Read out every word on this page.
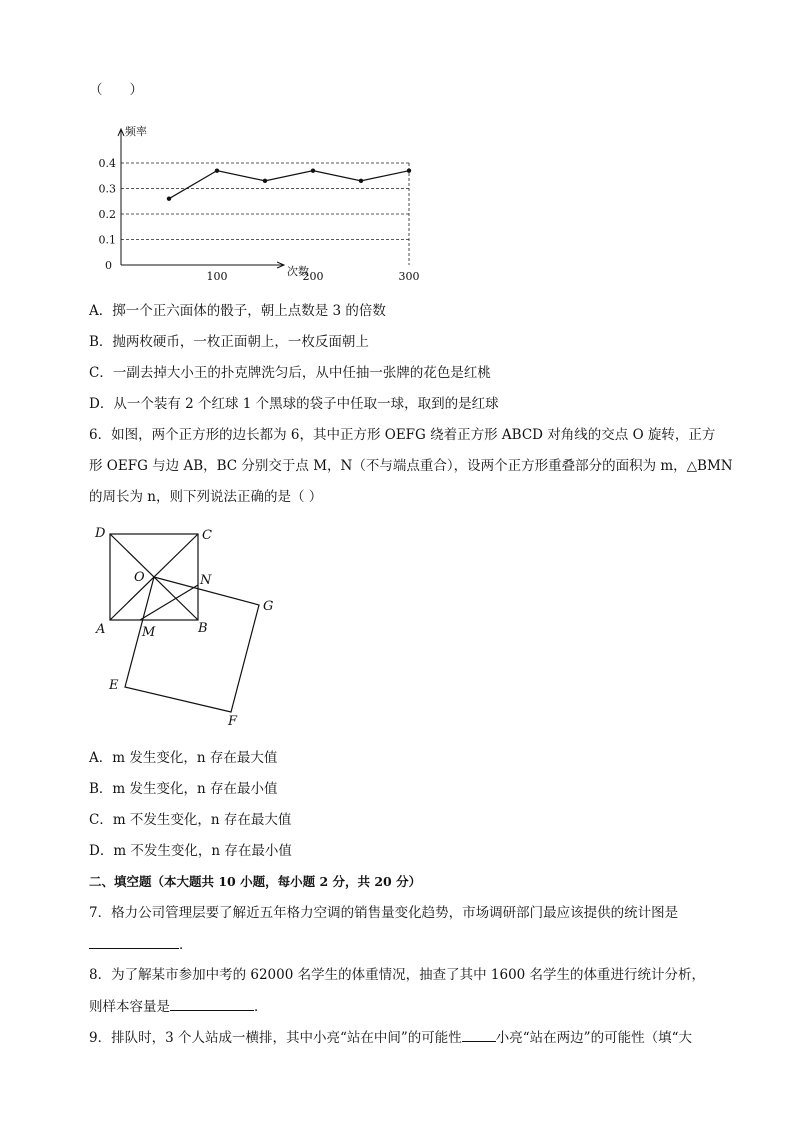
（　　）
频率
次数
0
0.4
0.3
0.2
0.1
100	200	300
A．掷一个正六面体的骰子，朝上点数是 3 的倍数
B．抛两枚硬币，一枚正面朝上，一枚反面朝上
C．一副去掉大小王的扑克牌洗匀后，从中任抽一张牌的花色是红桃
D．从一个装有 2 个红球 1 个黑球的袋子中任取一球，取到的是红球
6．如图，两个正方形的边长都为 6，其中正方形 OEFG 绕着正方形 ABCD 对角线的交点 O 旋转，正方
形 OEFG 与边 AB，BC 分别交于点 M，N（不与端点重合），设两个正方形重叠部分的面积为 m，△BMN
的周长为 n，则下列说法正确的是（ ）
D	C
O	N
G
A	M	B
E
F
A．m 发生变化，n 存在最大值
B．m 发生变化，n 存在最小值
C．m 不发生变化，n 存在最大值
D．m 不发生变化，n 存在最小值
二、填空题（本大题共 10 小题，每小题 2 分，共 20 分）
7．格力公司管理层要了解近五年格力空调的销售量变化趋势，市场调研部门最应该提供的统计图是
．
8．为了解某市参加中考的 62000 名学生的体重情况，抽查了其中 1600 名学生的体重进行统计分析，
则样本容量是	．
9．排队时，3 个人站成一横排，其中小亮“站在中间”的可能性	小亮“站在两边”的可能性（填“大
